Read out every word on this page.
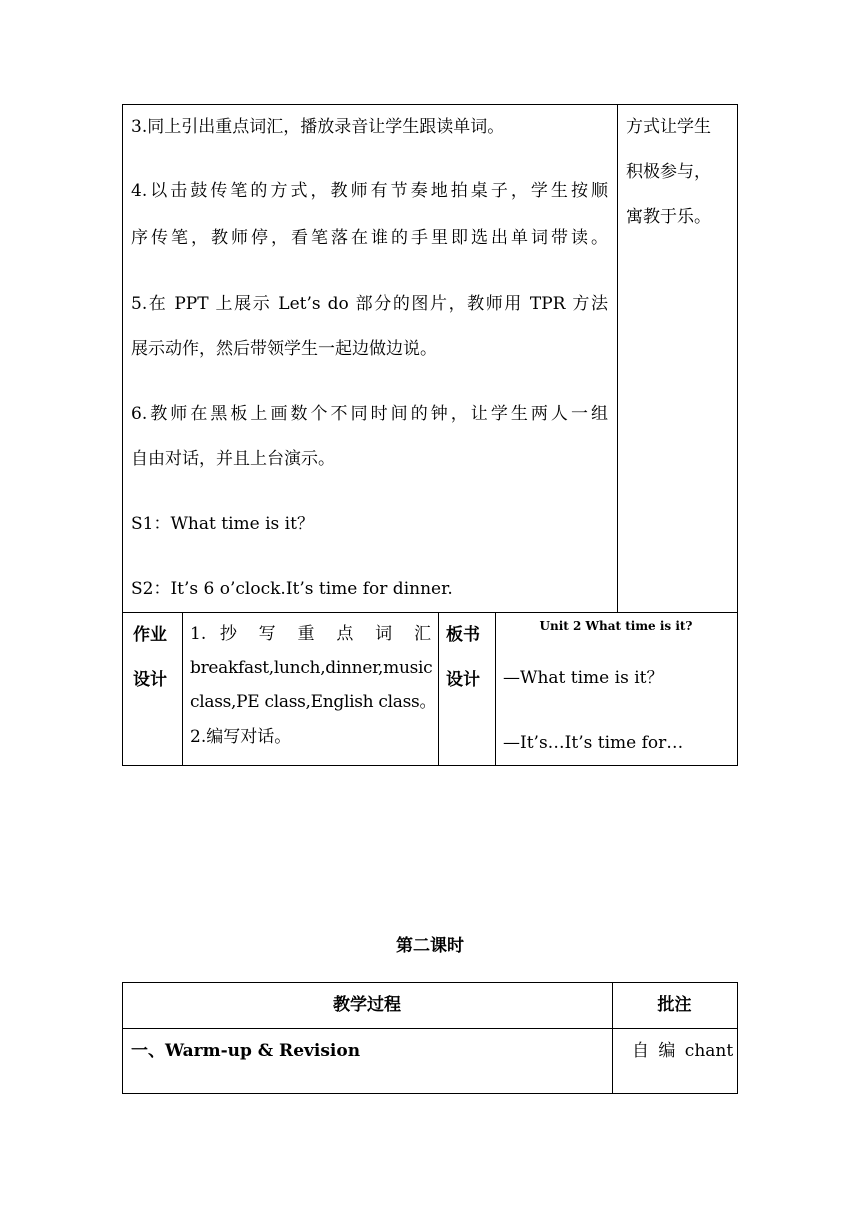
3.同上引出重点词汇，播放录音让学生跟读单词。
4.以击鼓传笔的方式，教师有节奏地拍桌子，学生按顺
序传笔，教师停，看笔落在谁的手里即选出单词带读。
5.在 PPT 上展示 Let’s do 部分的图片，教师用 TPR 方法
展示动作，然后带领学生一起边做边说。
6.教师在黑板上画数个不同时间的钟，让学生两人一组
自由对话，并且上台演示。
S1：What time is it？
S2：It’s 6 o’clock.It’s time for dinner.
方式让学生
积极参与，
寓教于乐。
作业
设计
1. 抄 写 重 点 词 汇
breakfast,lunch,dinner,music
class,PE class,English class。
2.编写对话。
板书
设计
Unit 2 What time is it?
—What time is it？
—It’s…It’s time for…
第二课时
教学过程	批注
一、Warm-up & Revision	自 编 chant
